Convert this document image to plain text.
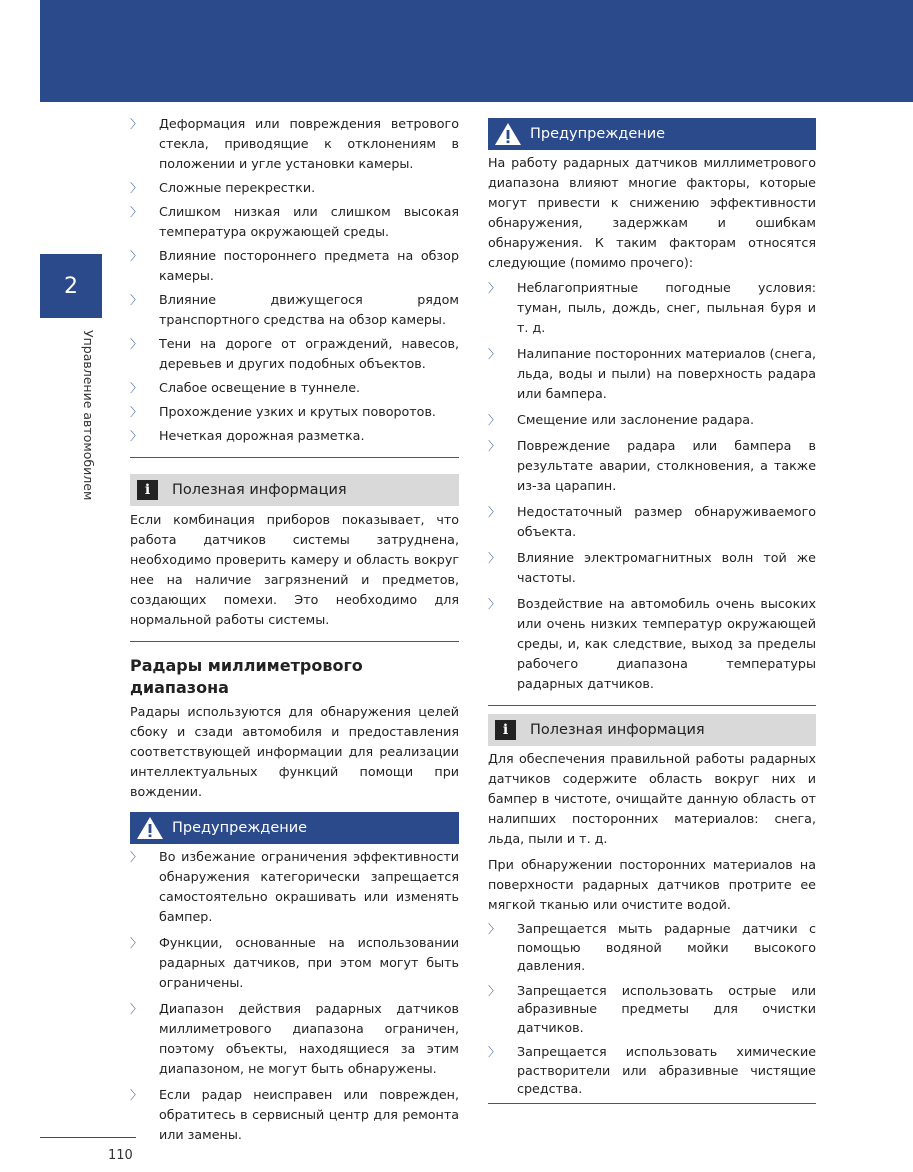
2
Управление автомобилем
〉 Деформация или повреждения ветрового стекла, приводящие к отклонениям в положении и угле установки камеры.
〉 Сложные перекрестки.
〉 Слишком низкая или слишком высокая температура окружающей среды.
〉 Влияние постороннего предмета на обзор камеры.
〉 Влияние движущегося рядом транспортного средства на обзор камеры.
〉 Тени на дороге от ограждений, навесов, деревьев и других подобных объектов.
〉 Слабое освещение в туннеле.
〉 Прохождение узких и крутых поворотов.
〉 Нечеткая дорожная разметка.
i	Полезная информация

Если комбинация приборов показывает, что работа датчиков системы затруднена, необходимо проверить камеру и область вокруг нее на наличие загрязнений и предметов, создающих помехи. Это необходимо для нормальной работы системы.

Радары миллиметрового диапазона

Радары используются для обнаружения целей сбоку и сзади автомобиля и предоставления соответствующей информации для реализации интеллектуальных функций помощи при вождении.

Предупреждение
〉 Во избежание ограничения эффективности обнаружения категорически запрещается самостоятельно окрашивать или изменять бампер.
〉 Функции, основанные на использовании радарных датчиков, при этом могут быть ограничены.
〉 Диапазон действия радарных датчиков миллиметрового диапазона ограничен, поэтому объекты, находящиеся за этим диапазоном, не могут быть обнаружены.
〉 Если радар неисправен или поврежден, обратитесь в сервисный центр для ремонта или замены.
Предупреждение

На работу радарных датчиков миллиметрового диапазона влияют многие факторы, которые могут привести к снижению эффективности обнаружения, задержкам и ошибкам обнаружения. К таким факторам относятся следующие (помимо прочего):

〉 Неблагоприятные погодные условия: туман, пыль, дождь, снег, пыльная буря и т. д.
〉 Налипание посторонних материалов (снега, льда, воды и пыли) на поверхность радара или бампера.
〉 Смещение или заслонение радара.
〉 Повреждение радара или бампера в результате аварии, столкновения, а также из-за царапин.
〉 Недостаточный размер обнаруживаемого объекта.
〉 Влияние электромагнитных волн той же частоты.
〉 Воздействие на автомобиль очень высоких или очень низких температур окружающей среды, и, как следствие, выход за пределы рабочего диапазона температуры радарных датчиков.
i	Полезная информация

Для обеспечения правильной работы радарных датчиков содержите область вокруг них и бампер в чистоте, очищайте данную область от налипших посторонних материалов: снега, льда, пыли и т. д.

При обнаружении посторонних материалов на поверхности радарных датчиков протрите ее мягкой тканью или очистите водой.

〉 Запрещается мыть радарные датчики с помощью водяной мойки высокого давления.
〉 Запрещается использовать острые или абразивные предметы для очистки датчиков.
〉 Запрещается использовать химические растворители или абразивные чистящие средства.
110
